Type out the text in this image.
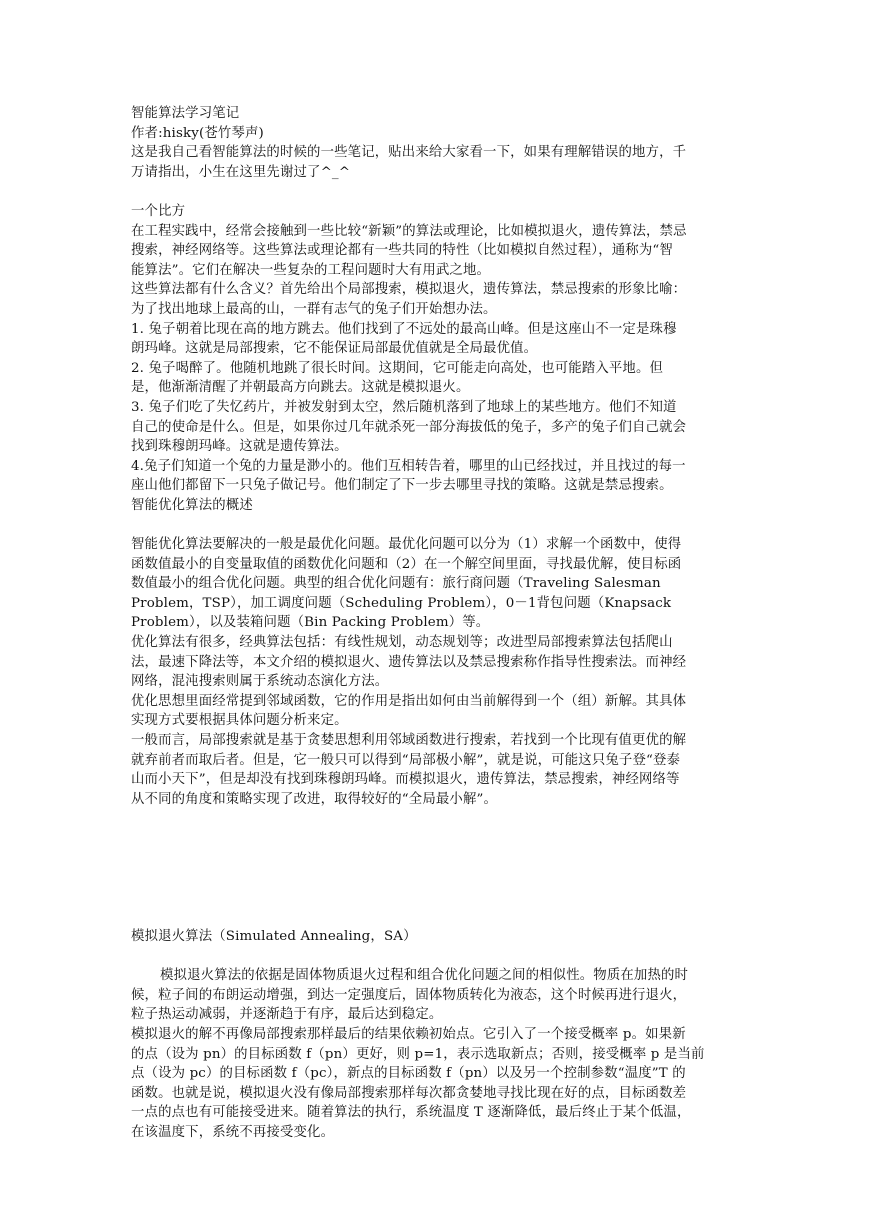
智能算法学习笔记
作者:hisky(苍竹琴声)
这是我自己看智能算法的时候的一些笔记，贴出来给大家看一下，如果有理解错误的地方，千
万请指出，小生在这里先谢过了^_^
一个比方
在工程实践中，经常会接触到一些比较“新颖”的算法或理论，比如模拟退火，遗传算法，禁忌
搜索，神经网络等。这些算法或理论都有一些共同的特性（比如模拟自然过程），通称为“智
能算法”。它们在解决一些复杂的工程问题时大有用武之地。
这些算法都有什么含义？首先给出个局部搜索，模拟退火，遗传算法，禁忌搜索的形象比喻：
为了找出地球上最高的山，一群有志气的兔子们开始想办法。
1. 兔子朝着比现在高的地方跳去。他们找到了不远处的最高山峰。但是这座山不一定是珠穆
朗玛峰。这就是局部搜索，它不能保证局部最优值就是全局最优值。
2. 兔子喝醉了。他随机地跳了很长时间。这期间，它可能走向高处，也可能踏入平地。但
是，他渐渐清醒了并朝最高方向跳去。这就是模拟退火。
3. 兔子们吃了失忆药片，并被发射到太空，然后随机落到了地球上的某些地方。他们不知道
自己的使命是什么。但是，如果你过几年就杀死一部分海拔低的兔子，多产的兔子们自己就会
找到珠穆朗玛峰。这就是遗传算法。
4.兔子们知道一个兔的力量是渺小的。他们互相转告着，哪里的山已经找过，并且找过的每一
座山他们都留下一只兔子做记号。他们制定了下一步去哪里寻找的策略。这就是禁忌搜索。
智能优化算法的概述
智能优化算法要解决的一般是最优化问题。最优化问题可以分为（1）求解一个函数中，使得
函数值最小的自变量取值的函数优化问题和（2）在一个解空间里面，寻找最优解，使目标函
数值最小的组合优化问题。典型的组合优化问题有：旅行商问题（Traveling Salesman
Problem，TSP），加工调度问题（Scheduling Problem），0－1背包问题（Knapsack
Problem），以及装箱问题（Bin Packing Problem）等。
优化算法有很多，经典算法包括：有线性规划，动态规划等；改进型局部搜索算法包括爬山
法，最速下降法等，本文介绍的模拟退火、遗传算法以及禁忌搜索称作指导性搜索法。而神经
网络，混沌搜索则属于系统动态演化方法。
优化思想里面经常提到邻域函数，它的作用是指出如何由当前解得到一个（组）新解。其具体
实现方式要根据具体问题分析来定。
一般而言，局部搜索就是基于贪婪思想利用邻域函数进行搜索，若找到一个比现有值更优的解
就弃前者而取后者。但是，它一般只可以得到“局部极小解”，就是说，可能这只兔子登“登泰
山而小天下”，但是却没有找到珠穆朗玛峰。而模拟退火，遗传算法，禁忌搜索，神经网络等
从不同的角度和策略实现了改进，取得较好的“全局最小解”。
模拟退火算法（Simulated Annealing，SA）
模拟退火算法的依据是固体物质退火过程和组合优化问题之间的相似性。物质在加热的时
候，粒子间的布朗运动增强，到达一定强度后，固体物质转化为液态，这个时候再进行退火，
粒子热运动减弱，并逐渐趋于有序，最后达到稳定。
模拟退火的解不再像局部搜索那样最后的结果依赖初始点。它引入了一个接受概率 p。如果新
的点（设为 pn）的目标函数 f（pn）更好，则 p=1，表示选取新点；否则，接受概率 p 是当前
点（设为 pc）的目标函数 f（pc），新点的目标函数 f（pn）以及另一个控制参数“温度”T 的
函数。也就是说，模拟退火没有像局部搜索那样每次都贪婪地寻找比现在好的点，目标函数差
一点的点也有可能接受进来。随着算法的执行，系统温度 T 逐渐降低，最后终止于某个低温，
在该温度下，系统不再接受变化。
